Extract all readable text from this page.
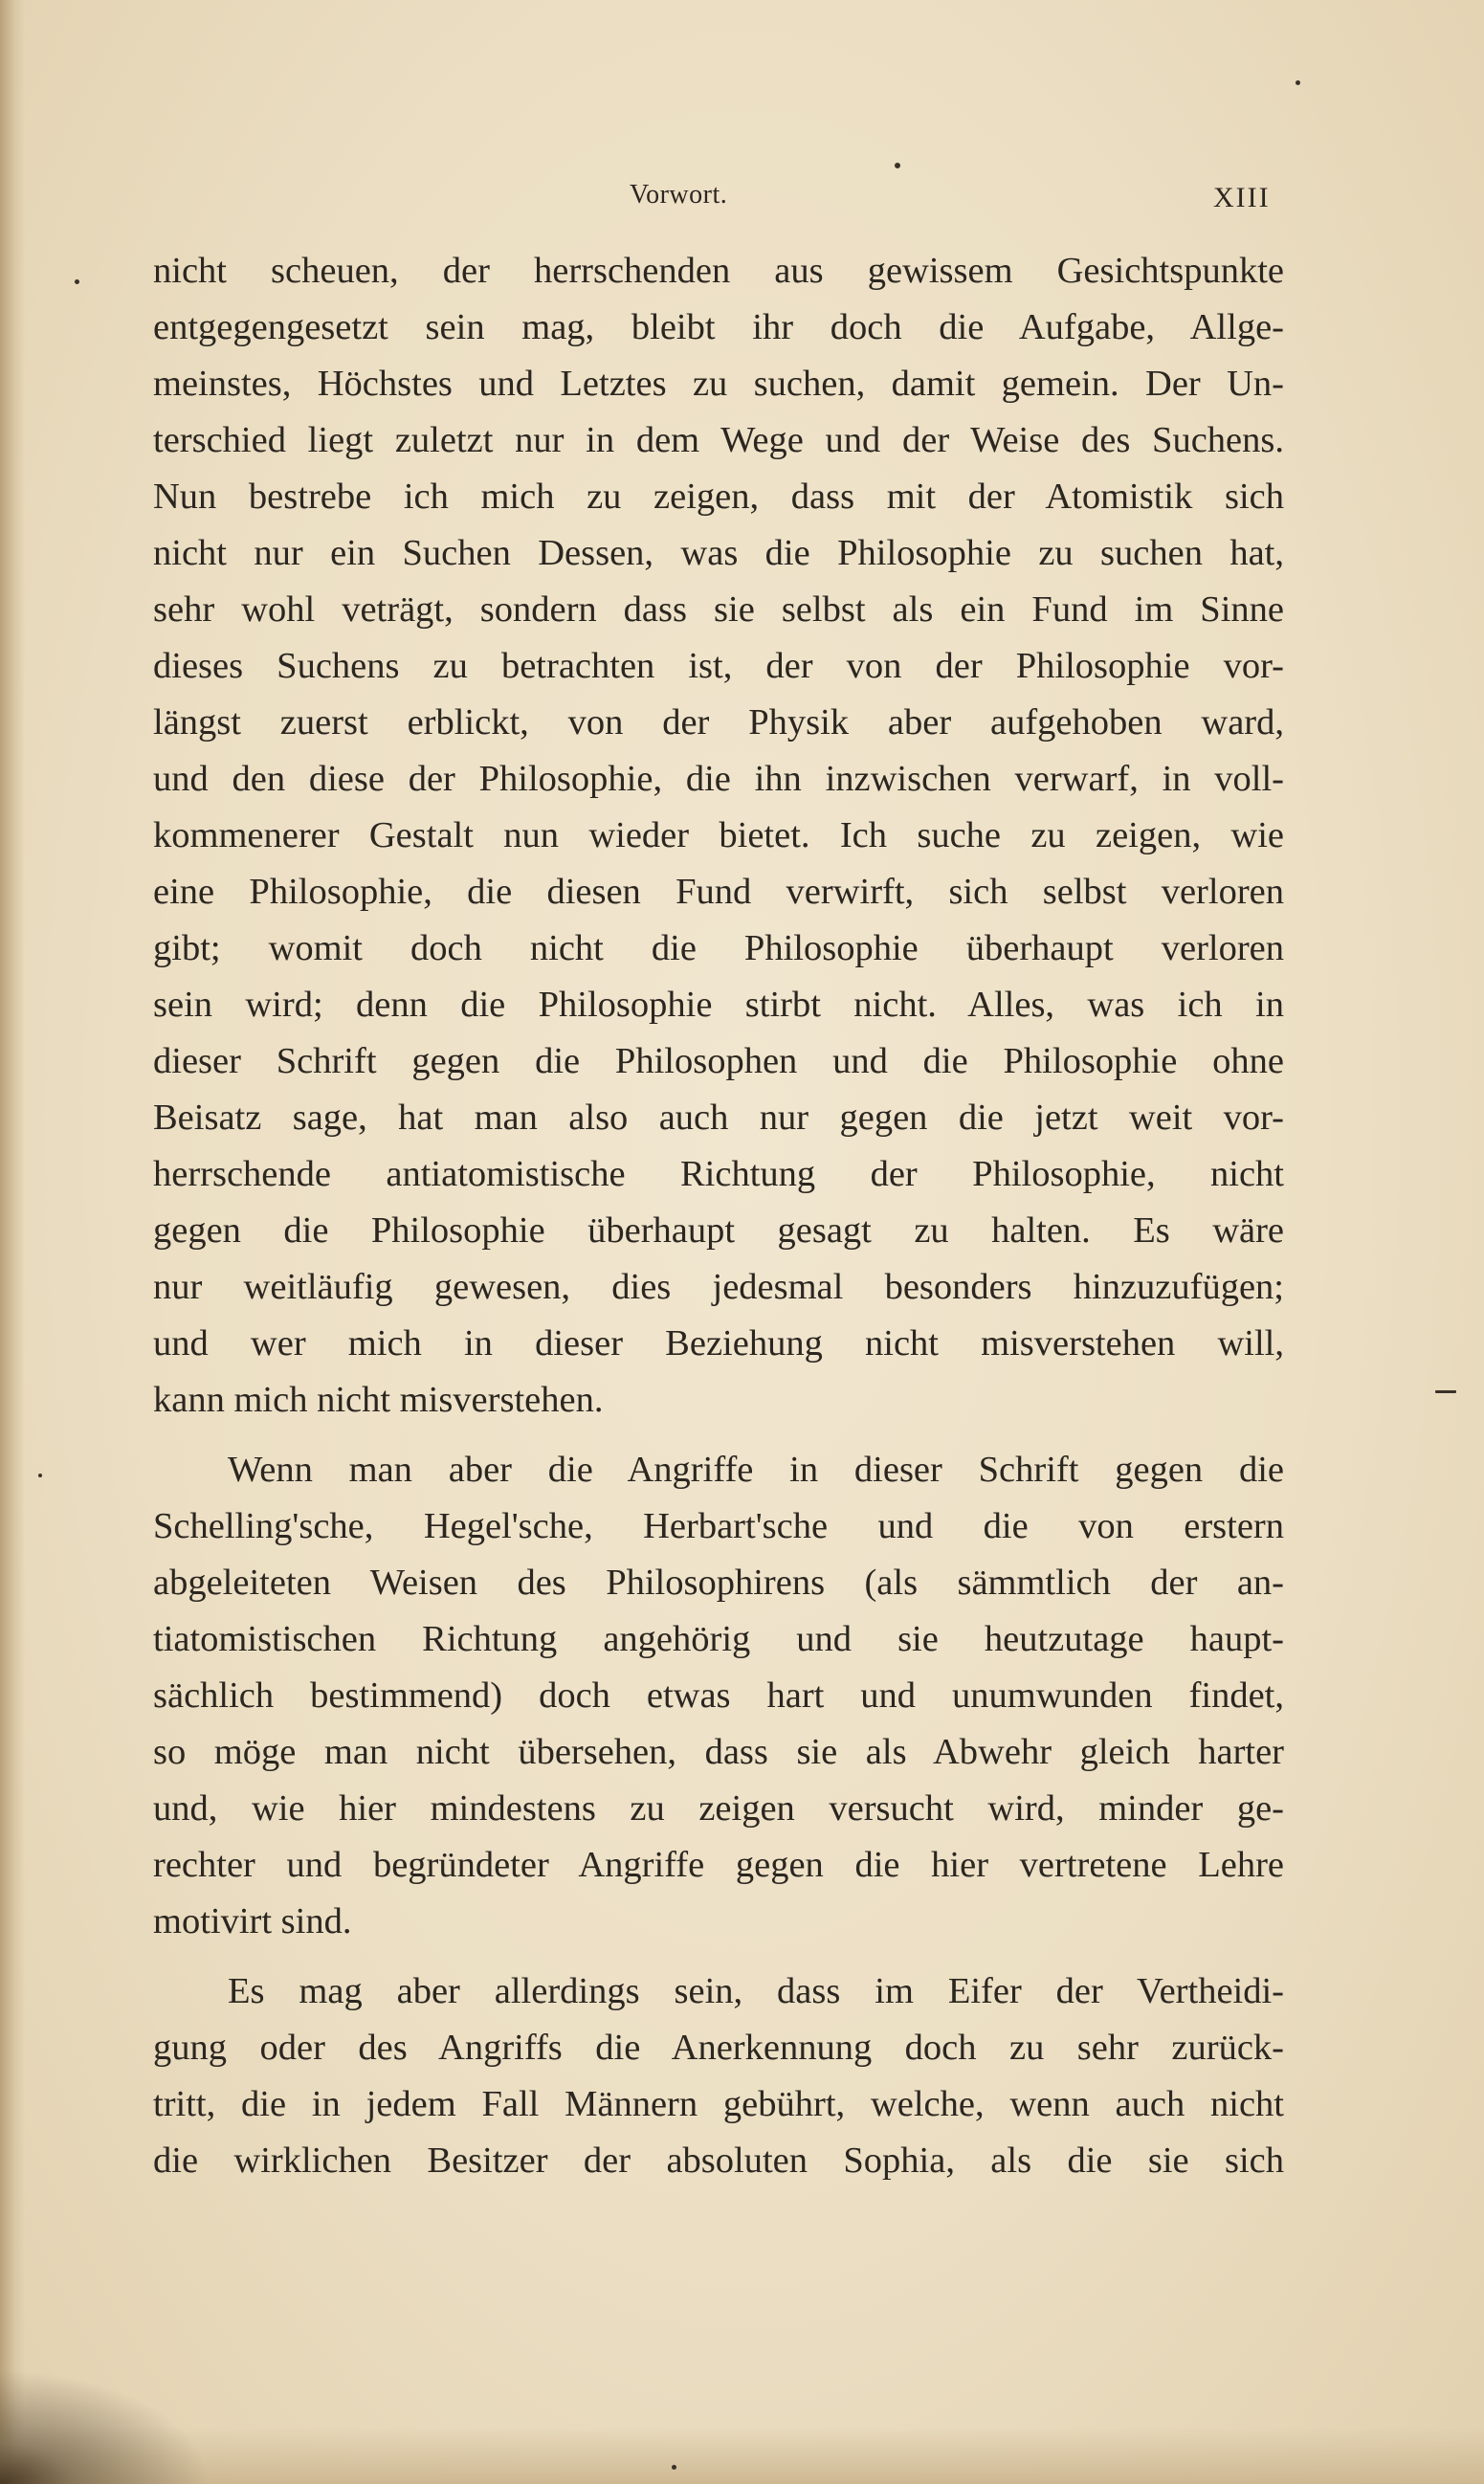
Vorwort.	XIII
nicht scheuen, der herrschenden aus gewissem Gesichtspunkte
entgegengesetzt sein mag, bleibt ihr doch die Aufgabe, Allge-
meinstes, Höchstes und Letztes zu suchen, damit gemein. Der Un-
terschied liegt zuletzt nur in dem Wege und der Weise des Suchens.
Nun bestrebe ich mich zu zeigen, dass mit der Atomistik sich
nicht nur ein Suchen Dessen, was die Philosophie zu suchen hat,
sehr wohl veträgt, sondern dass sie selbst als ein Fund im Sinne
dieses Suchens zu betrachten ist, der von der Philosophie vor-
längst zuerst erblickt, von der Physik aber aufgehoben ward,
und den diese der Philosophie, die ihn inzwischen verwarf, in voll-
kommenerer Gestalt nun wieder bietet. Ich suche zu zeigen, wie
eine Philosophie, die diesen Fund verwirft, sich selbst verloren
gibt; womit doch nicht die Philosophie überhaupt verloren
sein wird; denn die Philosophie stirbt nicht. Alles, was ich in
dieser Schrift gegen die Philosophen und die Philosophie ohne
Beisatz sage, hat man also auch nur gegen die jetzt weit vor-
herrschende antiatomistische Richtung der Philosophie, nicht
gegen die Philosophie überhaupt gesagt zu halten. Es wäre
nur weitläufig gewesen, dies jedesmal besonders hinzuzufügen;
und wer mich in dieser Beziehung nicht misverstehen will,
kann mich nicht misverstehen.
Wenn man aber die Angriffe in dieser Schrift gegen die
Schelling'sche, Hegel'sche, Herbart'sche und die von erstern
abgeleiteten Weisen des Philosophirens (als sämmtlich der an-
tiatomistischen Richtung angehörig und sie heutzutage haupt-
sächlich bestimmend) doch etwas hart und unumwunden findet,
so möge man nicht übersehen, dass sie als Abwehr gleich harter
und, wie hier mindestens zu zeigen versucht wird, minder ge-
rechter und begründeter Angriffe gegen die hier vertretene Lehre
motivirt sind.
Es mag aber allerdings sein, dass im Eifer der Vertheidi-
gung oder des Angriffs die Anerkennung doch zu sehr zurück-
tritt, die in jedem Fall Männern gebührt, welche, wenn auch nicht
die wirklichen Besitzer der absoluten Sophia, als die sie sich
